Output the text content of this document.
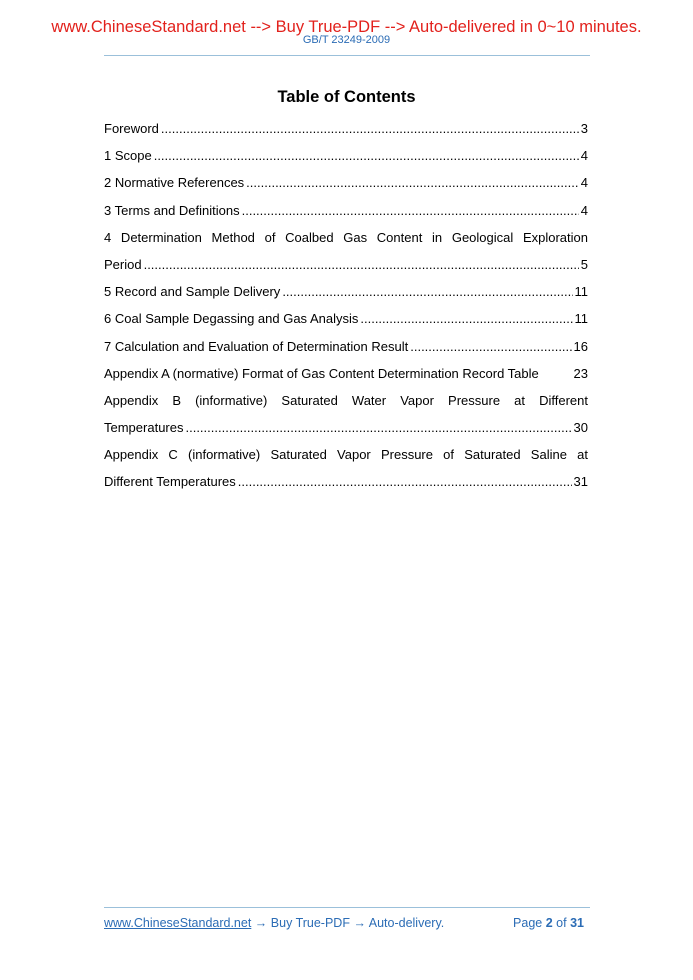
www.ChineseStandard.net --> Buy True-PDF --> Auto-delivered in 0~10 minutes.
GB/T 23249-2009
Table of Contents
Foreword .....	3
1 Scope .....	4
2 Normative References .....	4
3 Terms and Definitions .....	4
4 Determination Method of Coalbed Gas Content in Geological Exploration
Period .....	5
5 Record and Sample Delivery .....	11
6 Coal Sample Degassing and Gas Analysis .....	11
7 Calculation and Evaluation of Determination Result .....	16
Appendix A (normative) Format of Gas Content Determination Record Table	23
Appendix B (informative) Saturated Water Vapor Pressure at Different
Temperatures .....	30
Appendix C (informative) Saturated Vapor Pressure of Saturated Saline at
Different Temperatures .....	31
www.ChineseStandard.net → Buy True-PDF → Auto-delivery.	Page 2 of 31
